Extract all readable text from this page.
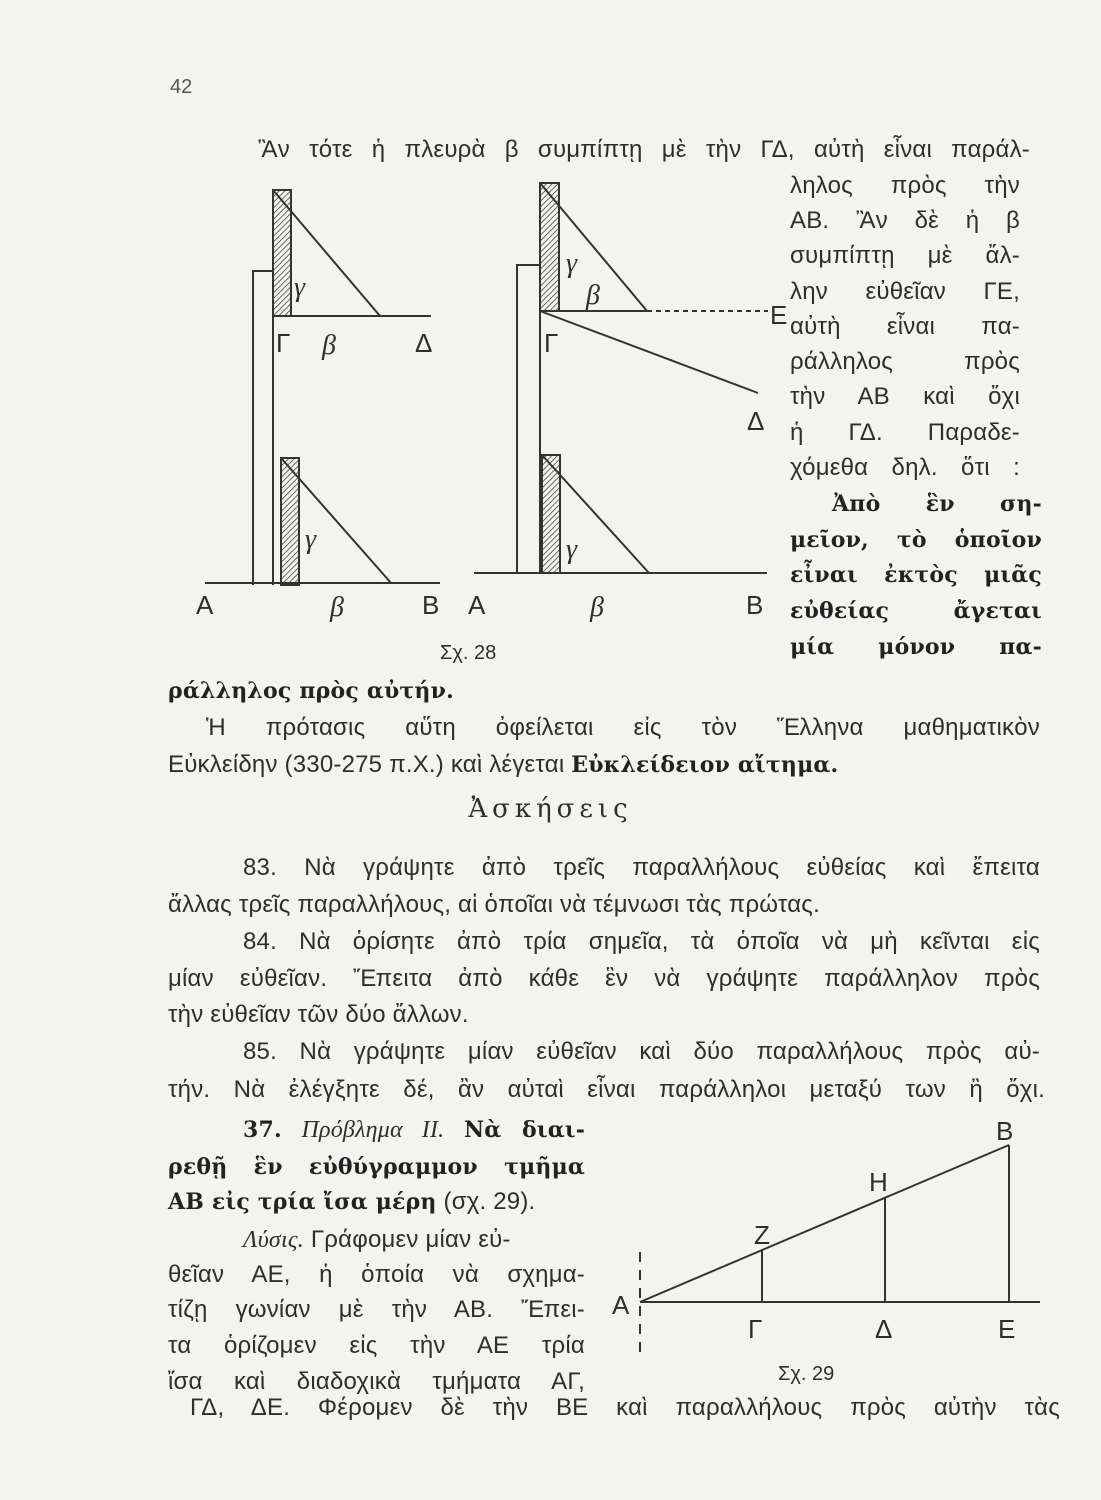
42
Ἂν τότε ἡ πλευρὰ β συμπίπτῃ μὲ τὴν ΓΔ, αὐτὴ εἶναι παράλ-
ληλος πρὸς τὴν
ΑΒ. Ἂν δὲ ἡ β
συμπίπτῃ μὲ ἄλ-
λην εὐθεῖαν ΓΕ,
αὐτὴ εἶναι πα-
ράλληλος πρὸς
τὴν ΑΒ καὶ ὄχι
ἡ ΓΔ. Παραδε-
χόμεθα δηλ. ὅτι :
Ἀπὸ ἓν ση-
μεῖον, τὸ ὁποῖον
εἶναι ἐκτὸς μιᾶς
εὐθείας ἄγεται
μία μόνον πα-
ράλληλος πρὸς αὐτήν.
Ἡ πρότασις αὕτη ὀφείλεται εἰς τὸν Ἕλληνα μαθηματικὸν
Εὐκλείδην (330-275 π.Χ.) καὶ λέγεται Εὐκλείδειον αἴτημα.
Ἀσκήσεις
83. Νὰ γράψητε ἀπὸ τρεῖς παραλλήλους εὐθείας καὶ ἔπειτα
ἄλλας τρεῖς παραλλήλους, αἱ ὁποῖαι νὰ τέμνωσι τὰς πρώτας.
84. Νὰ ὁρίσητε ἀπὸ τρία σημεῖα, τὰ ὁποῖα νὰ μὴ κεῖνται εἰς
μίαν εὐθεῖαν. Ἔπειτα ἀπὸ κάθε ἓν νὰ γράψητε παράλληλον πρὸς
τὴν εὐθεῖαν τῶν δύο ἄλλων.
85. Νὰ γράψητε μίαν εὐθεῖαν καὶ δύο παραλλήλους πρὸς αὐ-
τήν. Νὰ ἐλέγξητε δέ, ἂν αὐταὶ εἶναι παράλληλοι μεταξύ των ἢ ὄχι.
37. Πρόβλημα ΙΙ. Νὰ διαι-
ρεθῇ ἓν εὐθύγραμμον τμῆμα
ΑΒ εἰς τρία ἴσα μέρη (σχ. 29).
Λύσις. Γράφομεν μίαν εὐ-
θεῖαν ΑΕ, ἡ ὁποία νὰ σχημα-
τίζῃ γωνίαν μὲ τὴν ΑΒ. Ἔπει-
τα ὁρίζομεν εἰς τὴν ΑΕ τρία
ἴσα καὶ διαδοχικὰ τμήματα ΑΓ,
ΓΔ, ΔΕ. Φέρομεν δὲ τὴν ΒΕ καὶ παραλλήλους πρὸς αὐτὴν τὰς
γ
Γ β	Δ
γ
Α	β	Β
γ
β
Ε
Γ
Δ
γ
Α	β	Β
Σχ. 28
Β
Η
Ζ
Α
Γ	Δ	Ε
Σχ. 29
